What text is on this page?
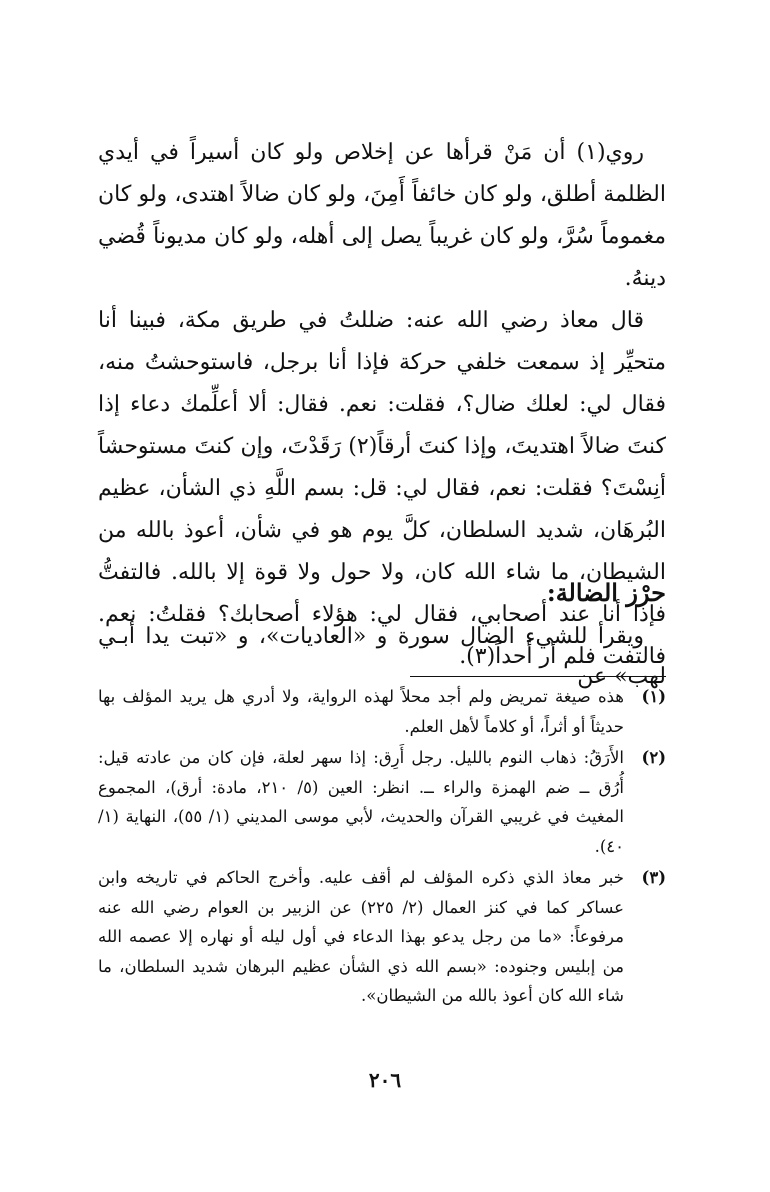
روي(١) أن مَنْ قرأها عن إخلاص ولو كان أسيراً في أيدي الظلمة أطلق، ولو كان خائفاً أَمِنَ، ولو كان ضالاً اهتدى، ولو كان مغموماً سُرَّ، ولو كان غريباً يصل إلى أهله، ولو كان مديوناً قُضي دينهُ.

قال معاذ رضي الله عنه: ضللتُ في طريق مكة، فبينا أنا متحيِّر إذ سمعت خلفي حركة فإذا أنا برجل، فاستوحشتُ منه، فقال لي: لعلك ضال؟، فقلت: نعم. فقال: ألا أعلِّمك دعاء إذا كنتَ ضالاً اهتديتَ، وإذا كنتَ أرقاً(٢) رَقَدْتَ، وإن كنتَ مستوحشاً أنِسْتَ؟ فقلت: نعم، فقال لي: قل: بسم اللَّهِ ذي الشأن، عظيم البُرهَان، شديد السلطان، كلَّ يوم هو في شأن، أعوذ بالله من الشيطان، ما شاء الله كان، ولا حول ولا قوة إلا بالله. فالتفتُّ فإذا أنا عند أصحابي، فقال لي: هؤلاء أصحابك؟ فقلتُ: نعم. فالتفت فلم أر أحداً(٣).

حرْز الضالة:

ويقرأ للشيء الضال سورة و «العاديات»، و «تبت يدا أبـي لهب» عن

(١)
هذه صيغة تمريض ولم أجد محلاً لهذه الرواية، ولا أدري هل يريد المؤلف بها حديثاً أو أثراً، أو كلاماً لأهل العلم.
(٢)
الأَرَقُ: ذهاب النوم بالليل. رجل أَرِق: إذا سهر لعلة، فإن كان من عادته قيل: أُرُق ــ ضم الهمزة والراء ــ. انظر: العين (٥/ ٢١٠، مادة: أرق)، المجموع المغيث في غريبي القرآن والحديث، لأبي موسى المديني (١/ ٥٥)، النهاية (١/ ٤٠).
(٣)
خبر معاذ الذي ذكره المؤلف لم أقف عليه. وأخرج الحاكم في تاريخه وابن عساكر كما في كنز العمال (٢/ ٢٢٥) عن الزبير بن العوام رضي الله عنه مرفوعاً: «ما من رجل يدعو بهذا الدعاء في أول ليله أو نهاره إلا عصمه الله من إبليس وجنوده: «بسم الله ذي الشأن عظيم البرهان شديد السلطان، ما شاء الله كان أعوذ بالله من الشيطان».
٢٠٦
